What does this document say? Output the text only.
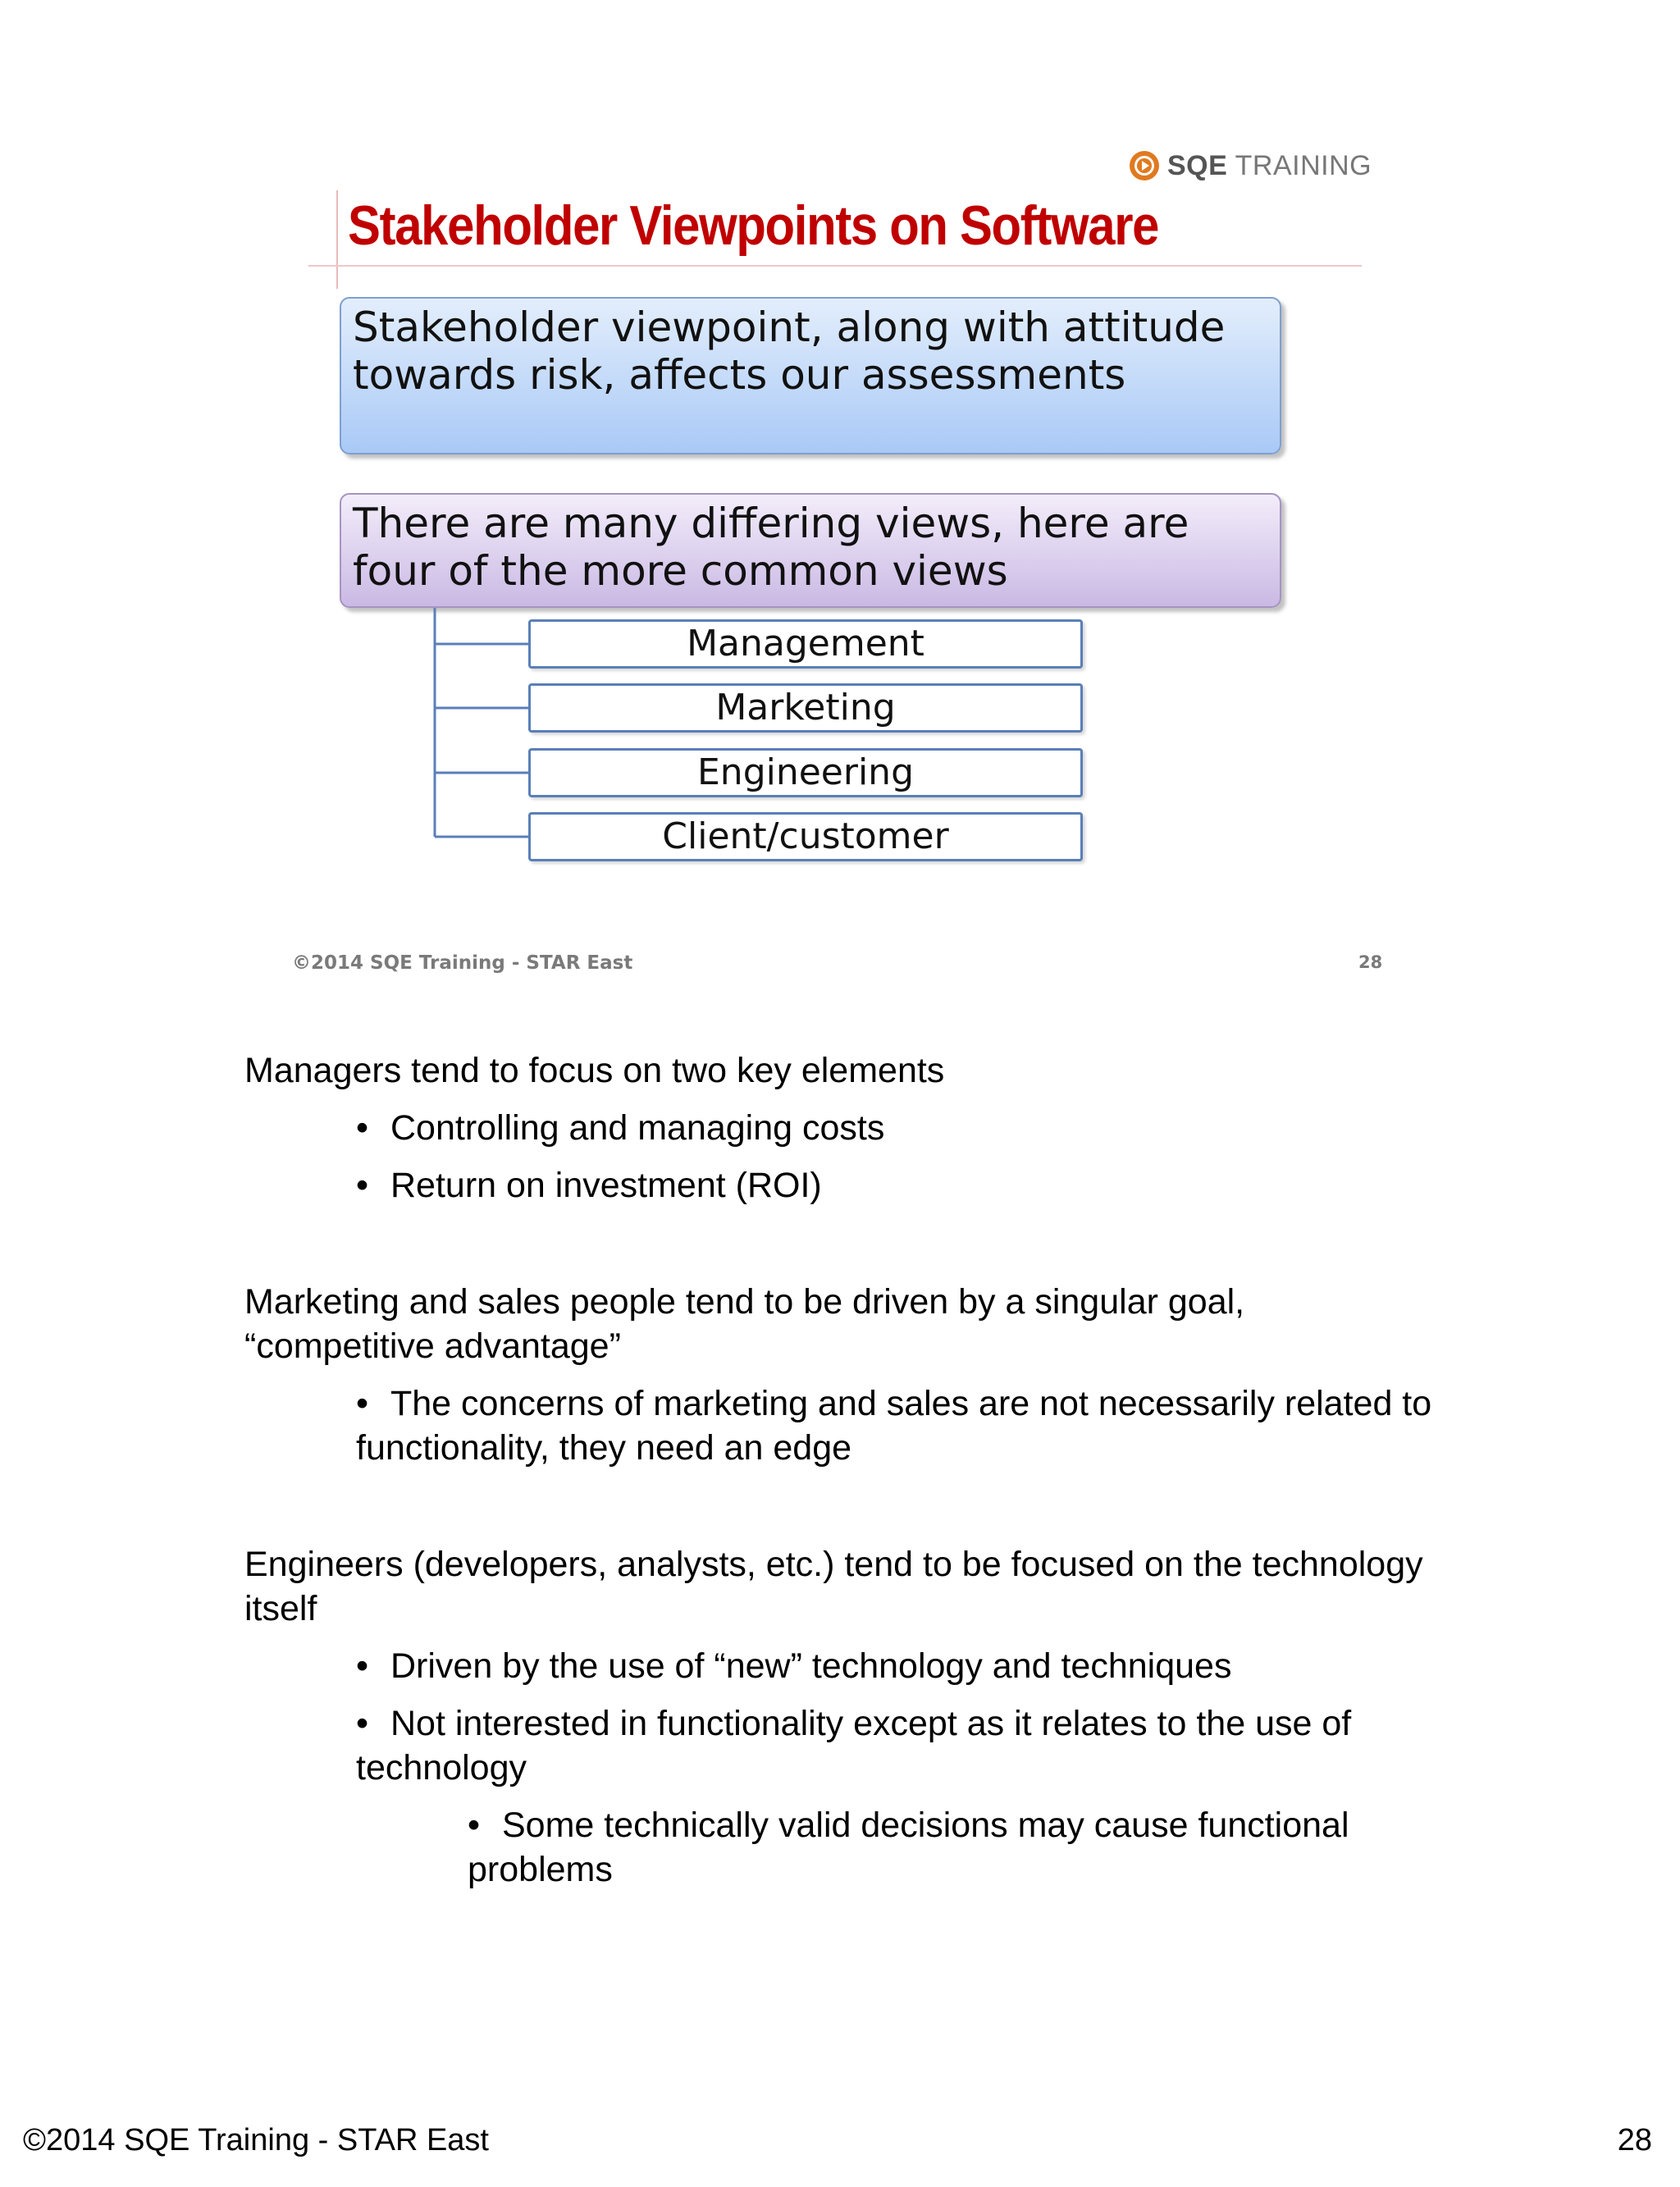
SQE TRAINING
Stakeholder Viewpoints on Software
Stakeholder viewpoint, along with attitude towards risk, affects our assessments
There are many differing views, here are four of the more common views
Management
Marketing
Engineering
Client/customer
©2014 SQE Training - STAR East	28

Managers tend to focus on two key elements

• Controlling and managing costs

• Return on investment (ROI)

Marketing and sales people tend to be driven by a singular goal, “competitive advantage”

• The concerns of marketing and sales are not necessarily related to functionality, they need an edge

Engineers (developers, analysts, etc.) tend to be focused on the technology itself

• Driven by the use of “new” technology and techniques

• Not interested in functionality except as it relates to the use of technology

• Some technically valid decisions may cause functional problems

©2014 SQE Training - STAR East	28
